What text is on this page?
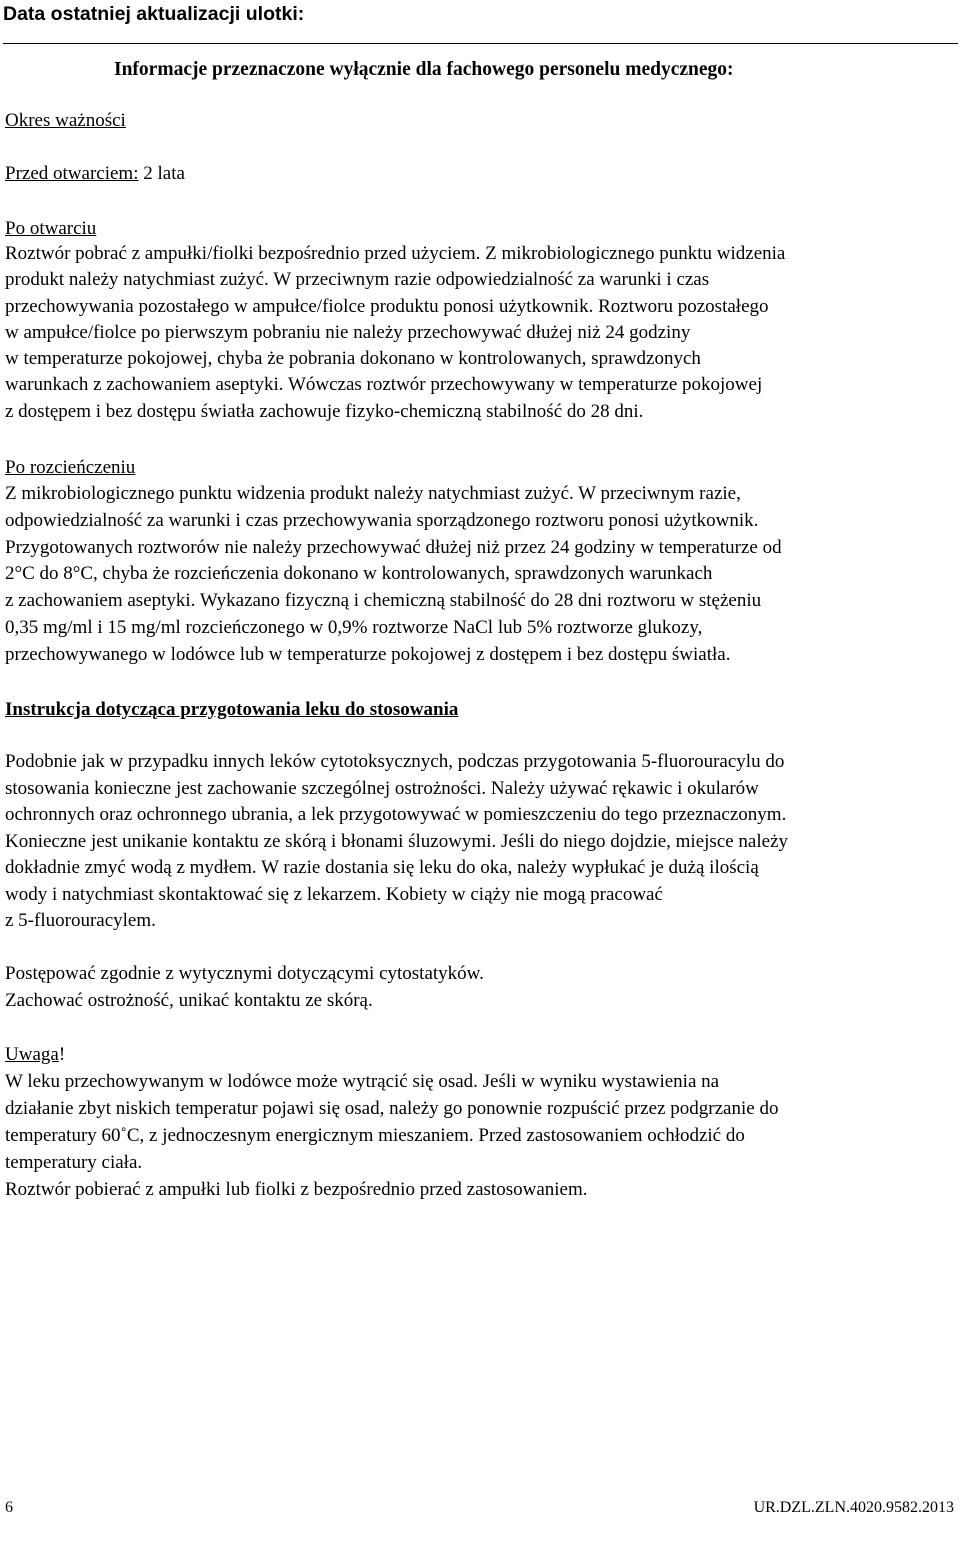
Data ostatniej aktualizacji ulotki:
Informacje przeznaczone wyłącznie dla fachowego personelu medycznego:
Okres ważności
Przed otwarciem: 2 lata
Po otwarciu
Roztwór pobrać z ampułki/fiolki bezpośrednio przed użyciem. Z mikrobiologicznego punktu widzenia
produkt należy natychmiast zużyć. W przeciwnym razie odpowiedzialność za warunki i czas
przechowywania pozostałego w ampułce/fiolce produktu ponosi użytkownik. Roztworu pozostałego
w ampułce/fiolce po pierwszym pobraniu nie należy przechowywać dłużej niż 24 godziny
w temperaturze pokojowej, chyba że pobrania dokonano w kontrolowanych, sprawdzonych
warunkach z zachowaniem aseptyki. Wówczas roztwór przechowywany w temperaturze pokojowej
z dostępem i bez dostępu światła zachowuje fizyko-chemiczną stabilność do 28 dni.
Po rozcieńczeniu
Z mikrobiologicznego punktu widzenia produkt należy natychmiast zużyć. W przeciwnym razie,
odpowiedzialność za warunki i czas przechowywania sporządzonego roztworu ponosi użytkownik.
Przygotowanych roztworów nie należy przechowywać dłużej niż przez 24 godziny w temperaturze od
2°C do 8°C, chyba że rozcieńczenia dokonano w kontrolowanych, sprawdzonych warunkach
z zachowaniem aseptyki. Wykazano fizyczną i chemiczną stabilność do 28 dni roztworu w stężeniu
0,35 mg/ml i 15 mg/ml rozcieńczonego w 0,9% roztworze NaCl lub 5% roztworze glukozy,
przechowywanego w lodówce lub w temperaturze pokojowej z dostępem i bez dostępu światła.
Instrukcja dotycząca przygotowania leku do stosowania
Podobnie jak w przypadku innych leków cytotoksycznych, podczas przygotowania 5-fluorouracylu do
stosowania konieczne jest zachowanie szczególnej ostrożności. Należy używać rękawic i okularów
ochronnych oraz ochronnego ubrania, a lek przygotowywać w pomieszczeniu do tego przeznaczonym.
Konieczne jest unikanie kontaktu ze skórą i błonami śluzowymi. Jeśli do niego dojdzie, miejsce należy
dokładnie zmyć wodą z mydłem. W razie dostania się leku do oka, należy wypłukać je dużą ilością
wody i natychmiast skontaktować się z lekarzem. Kobiety w ciąży nie mogą pracować
z 5-fluorouracylem.
Postępować zgodnie z wytycznymi dotyczącymi cytostatyków.
Zachować ostrożność, unikać kontaktu ze skórą.
Uwaga!
W leku przechowywanym w lodówce może wytrącić się osad. Jeśli w wyniku wystawienia na
działanie zbyt niskich temperatur pojawi się osad, należy go ponownie rozpuścić przez podgrzanie do
temperatury 60˚C, z jednoczesnym energicznym mieszaniem. Przed zastosowaniem ochłodzić do
temperatury ciała.
Roztwór pobierać z ampułki lub fiolki z bezpośrednio przed zastosowaniem.
6	UR.DZL.ZLN.4020.9582.2013
